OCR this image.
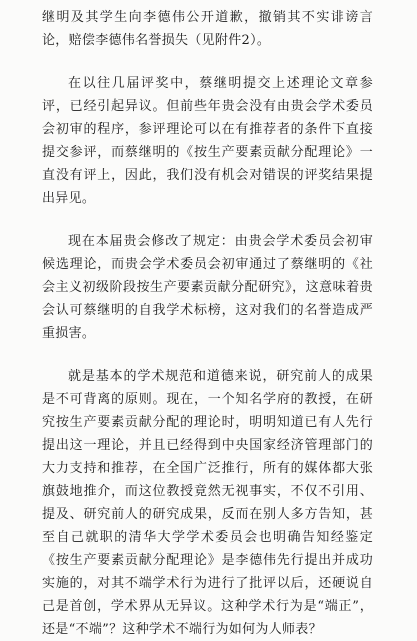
继明及其学生向李德伟公开道歉，撤销其不实诽谤言论，赔偿李德伟名誉损失（见附件2）。

在以往几届评奖中，蔡继明提交上述理论文章参评，已经引起异议。但前些年贵会没有由贵会学术委员会初审的程序，参评理论可以在有推荐者的条件下直接提交参评，而蔡继明的《按生产要素贡献分配理论》一直没有评上，因此，我们没有机会对错误的评奖结果提出异见。

现在本届贵会修改了规定：由贵会学术委员会初审候选理论，而贵会学术委员会初审通过了蔡继明的《社会主义初级阶段按生产要素贡献分配研究》，这意味着贵会认可蔡继明的自我学术标榜，这对我们的名誉造成严重损害。

就是基本的学术规范和道德来说，研究前人的成果是不可背离的原则。现在，一个知名学府的教授，在研究按生产要素贡献分配的理论时，明明知道已有人先行提出这一理论，并且已经得到中央国家经济管理部门的大力支持和推荐，在全国广泛推行，所有的媒体都大张旗鼓地推介，而这位教授竟然无视事实，不仅不引用、提及、研究前人的研究成果，反而在别人多方告知，甚至自己就职的清华大学学术委员会也明确告知经鉴定《按生产要素贡献分配理论》是李德伟先行提出并成功实施的，对其不端学术行为进行了批评以后，还硬说自己是首创，学术界从无异议。这种学术行为是“端正”，还是“不端”？这种学术不端行为如何为人师表？
